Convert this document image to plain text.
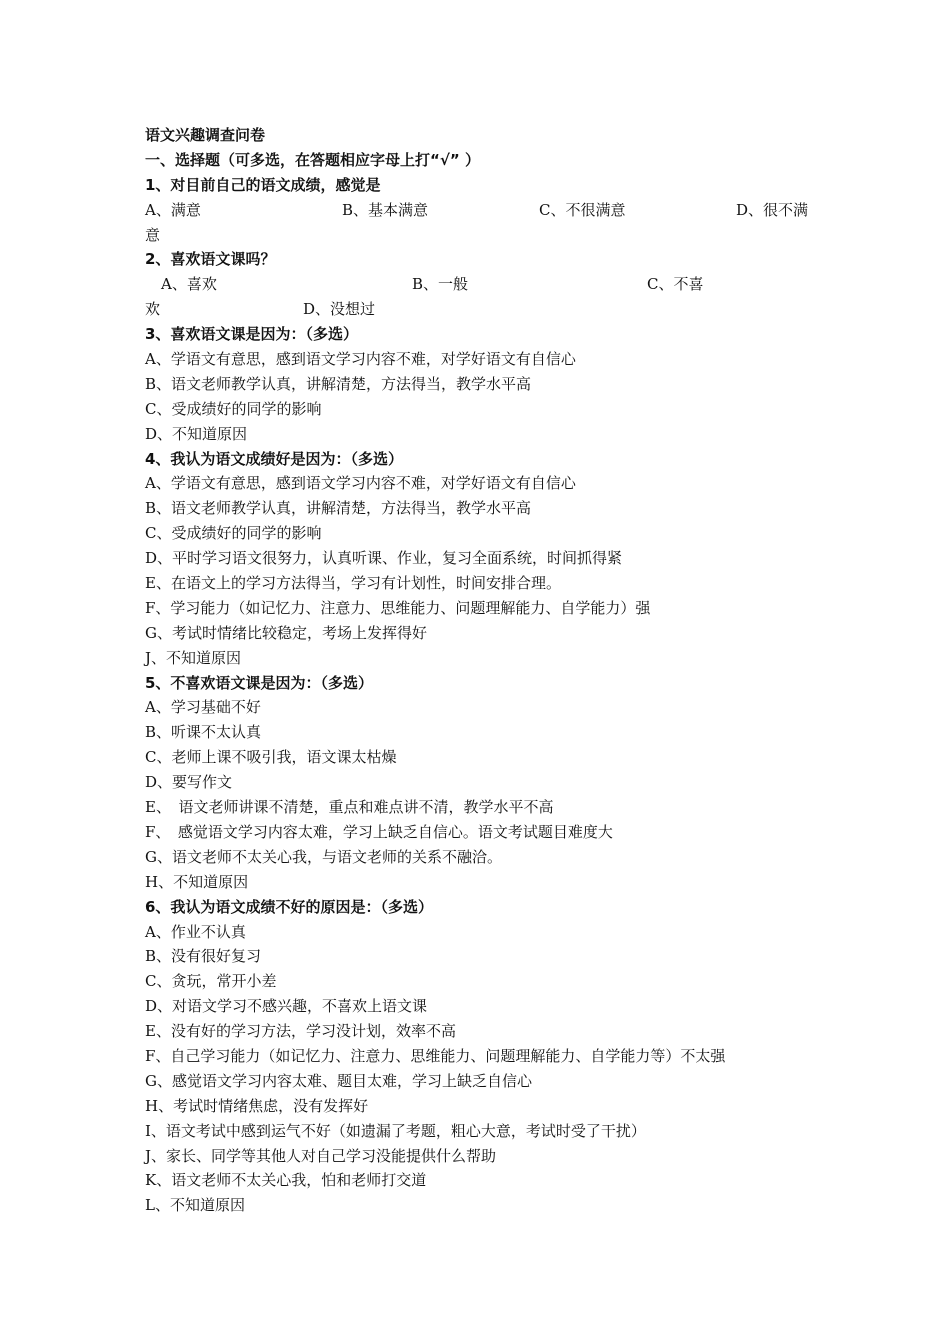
语文兴趣调查问卷
一、选择题（可多选，在答题相应字母上打“√” ）
1、对目前自己的语文成绩，感觉是
A、满意	B、基本满意	C、不很满意	D、很不满
意
2、喜欢语文课吗？
A、喜欢	B、一般	C、不喜
欢	D、没想过
3、喜欢语文课是因为：（多选）
A、学语文有意思，感到语文学习内容不难，对学好语文有自信心
B、语文老师教学认真，讲解清楚，方法得当，教学水平高
C、受成绩好的同学的影响
D、不知道原因
4、我认为语文成绩好是因为：（多选）
A、学语文有意思，感到语文学习内容不难，对学好语文有自信心
B、语文老师教学认真，讲解清楚，方法得当，教学水平高
C、受成绩好的同学的影响
D、平时学习语文很努力，认真听课、作业，复习全面系统，时间抓得紧
E、在语文上的学习方法得当，学习有计划性，时间安排合理。
F、学习能力（如记忆力、注意力、思维能力、问题理解能力、自学能力）强
G、考试时情绪比较稳定，考场上发挥得好
J、不知道原因
5、不喜欢语文课是因为：（多选）
A、学习基础不好
B、听课不太认真
C、老师上课不吸引我，语文课太枯燥
D、要写作文
E、　语文老师讲课不清楚，重点和难点讲不清，教学水平不高
F、　感觉语文学习内容太难，学习上缺乏自信心。语文考试题目难度大
G、语文老师不太关心我，与语文老师的关系不融洽。
H、不知道原因
6、我认为语文成绩不好的原因是：（多选）
A、作业不认真
B、没有很好复习
C、贪玩，常开小差
D、对语文学习不感兴趣，不喜欢上语文课
E、没有好的学习方法，学习没计划，效率不高
F、自己学习能力（如记忆力、注意力、思维能力、问题理解能力、自学能力等）不太强
G、感觉语文学习内容太难、题目太难，学习上缺乏自信心
H、考试时情绪焦虑，没有发挥好
I、语文考试中感到运气不好（如遗漏了考题，粗心大意，考试时受了干扰）
J、家长、同学等其他人对自己学习没能提供什么帮助
K、语文老师不太关心我，怕和老师打交道
L、不知道原因
